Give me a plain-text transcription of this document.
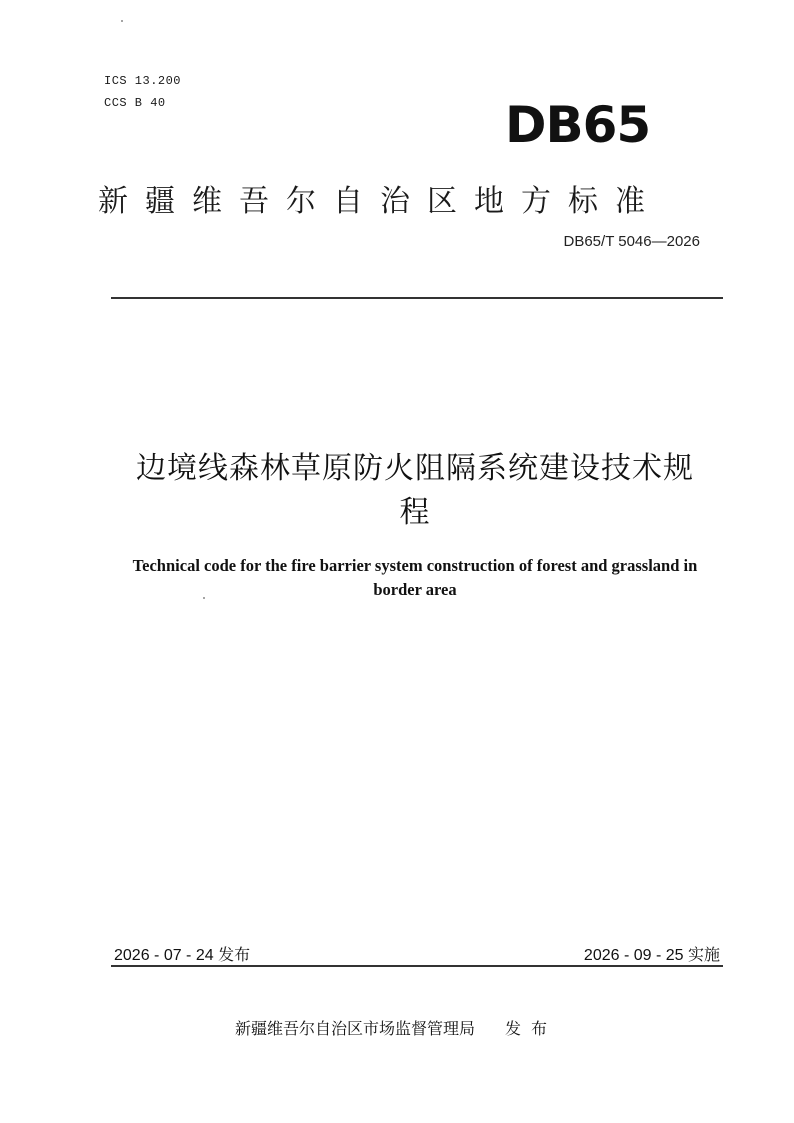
ICS 13.200
CCS B 40	DB65
新疆维吾尔自治区地方标准
DB65/T 5046—2026
边境线森林草原防火阻隔系统建设技术规
程
Technical code for the fire barrier system construction of forest and grassland in
border area
2026 - 07 - 24 发布	2026 - 09 - 25 实施
新疆维吾尔自治区市场监督管理局 发布
